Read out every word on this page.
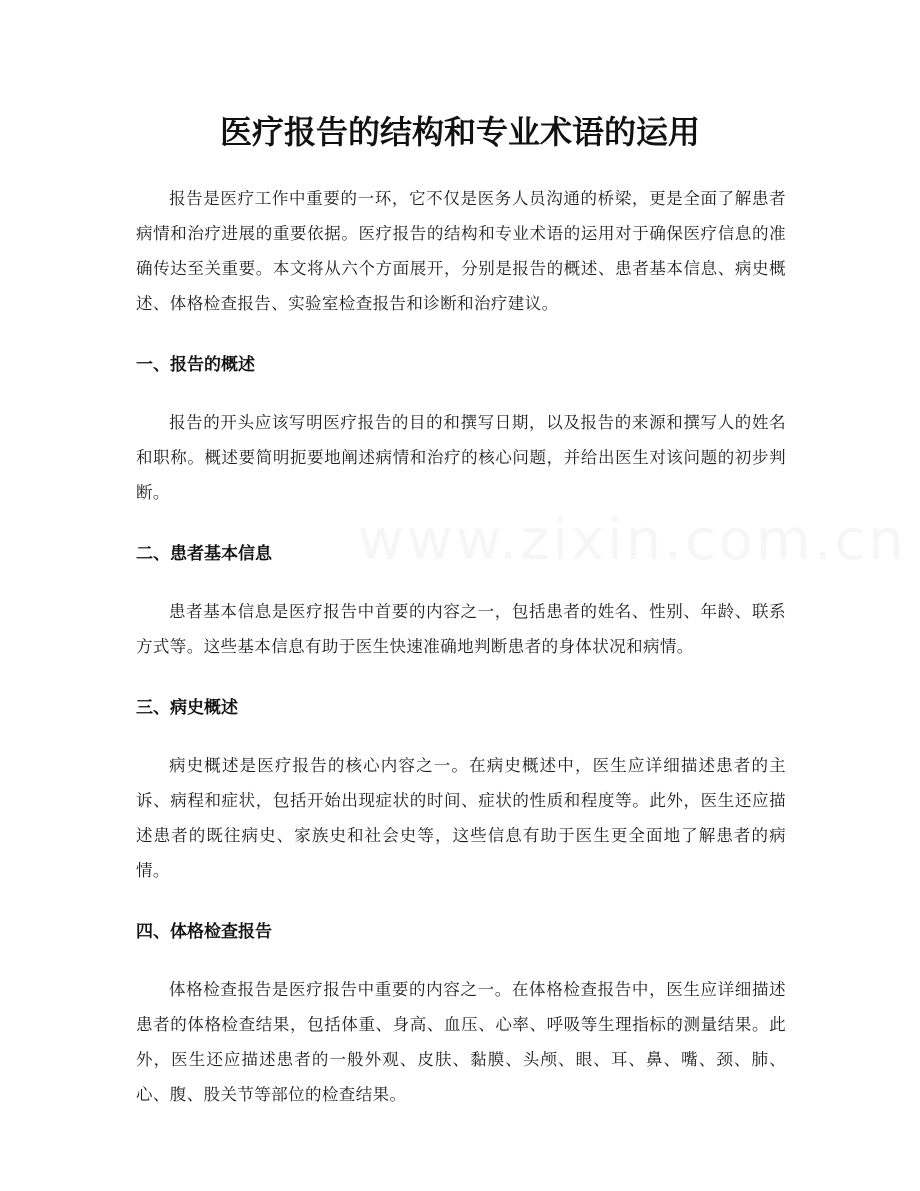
医疗报告的结构和专业术语的运用

报告是医疗工作中重要的一环，它不仅是医务人员沟通的桥梁，更是全面了解患者病情和治疗进展的重要依据。医疗报告的结构和专业术语的运用对于确保医疗信息的准确传达至关重要。本文将从六个方面展开，分别是报告的概述、患者基本信息、病史概述、体格检查报告、实验室检查报告和诊断和治疗建议。

一、报告的概述

报告的开头应该写明医疗报告的目的和撰写日期，以及报告的来源和撰写人的姓名和职称。概述要简明扼要地阐述病情和治疗的核心问题，并给出医生对该问题的初步判断。

二、患者基本信息

患者基本信息是医疗报告中首要的内容之一，包括患者的姓名、性别、年龄、联系方式等。这些基本信息有助于医生快速准确地判断患者的身体状况和病情。

三、病史概述

病史概述是医疗报告的核心内容之一。在病史概述中，医生应详细描述患者的主诉、病程和症状，包括开始出现症状的时间、症状的性质和程度等。此外，医生还应描述患者的既往病史、家族史和社会史等，这些信息有助于医生更全面地了解患者的病情。

四、体格检查报告

体格检查报告是医疗报告中重要的内容之一。在体格检查报告中，医生应详细描述患者的体格检查结果，包括体重、身高、血压、心率、呼吸等生理指标的测量结果。此外，医生还应描述患者的一般外观、皮肤、黏膜、头颅、眼、耳、鼻、嘴、颈、肺、心、腹、股关节等部位的检查结果。
